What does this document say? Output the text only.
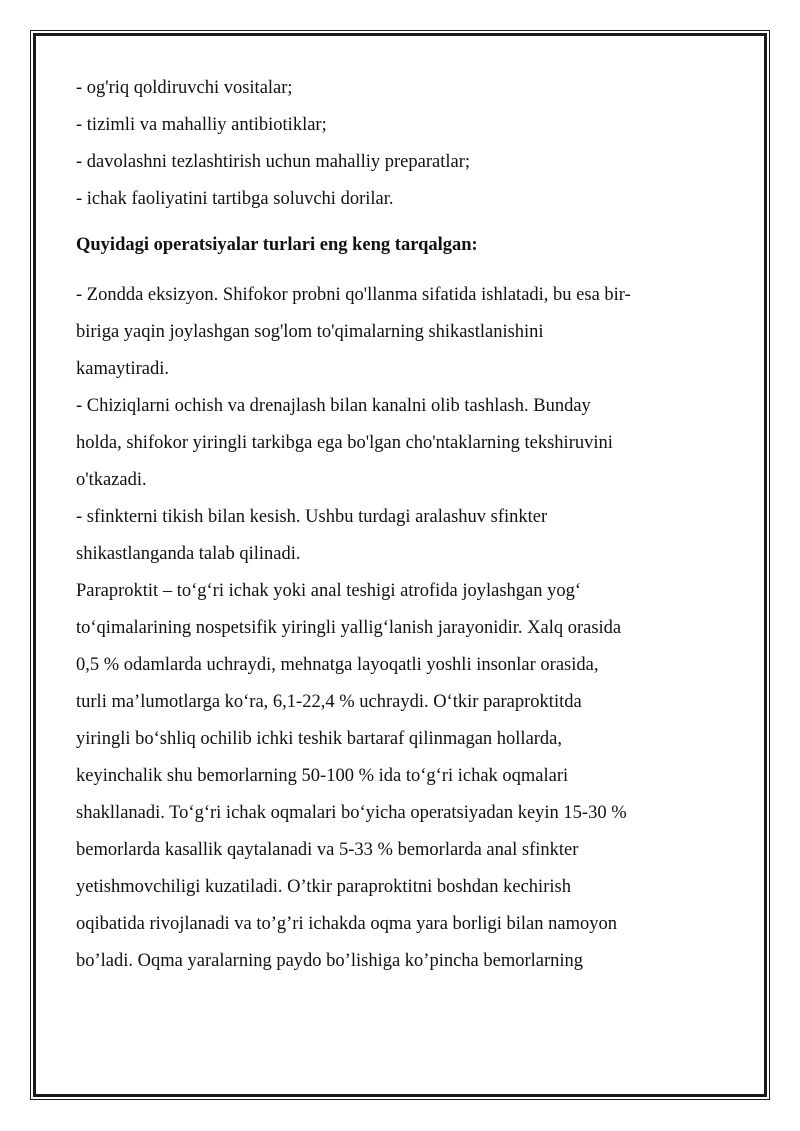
- og'riq qoldiruvchi vositalar;
- tizimli va mahalliy antibiotiklar;
- davolashni tezlashtirish uchun mahalliy preparatlar;
- ichak faoliyatini tartibga soluvchi dorilar.
Quyidagi operatsiyalar turlari eng keng tarqalgan:
- Zondda eksizyon. Shifokor probni qo'llanma sifatida ishlatadi, bu esa bir-
biriga yaqin joylashgan sog'lom to'qimalarning shikastlanishini
kamaytiradi.
- Chiziqlarni ochish va drenajlash bilan kanalni olib tashlash. Bunday
holda, shifokor yiringli tarkibga ega bo'lgan cho'ntaklarning tekshiruvini
o'tkazadi.
- sfinkterni tikish bilan kesish. Ushbu turdagi aralashuv sfinkter
shikastlanganda talab qilinadi.
Paraproktit – to‘g‘ri ichak yoki anal teshigi atrofida joylashgan yog‘
to‘qimalarining nospetsifik yiringli yallig‘lanish jarayonidir. Xalq orasida
0,5 % odamlarda uchraydi, mehnatga layoqatli yoshli insonlar orasida,
turli ma’lumotlarga ko‘ra, 6,1-22,4 % uchraydi. O‘tkir paraproktitda
yiringli bo‘shliq ochilib ichki teshik bartaraf qilinmagan hollarda,
keyinchalik shu bemorlarning 50-100 % ida to‘g‘ri ichak oqmalari
shakllanadi. To‘g‘ri ichak oqmalari bo‘yicha operatsiyadan keyin 15-30 %
bemorlarda kasallik qaytalanadi va 5-33 % bemorlarda anal sfinkter
yetishmovchiligi kuzatiladi. O’tkir paraproktitni boshdan kechirish
oqibatida rivojlanadi va to’g’ri ichakda oqma yara borligi bilan namoyon
bo’ladi. Oqma yaralarning paydo bo’lishiga ko’pincha bemorlarning
